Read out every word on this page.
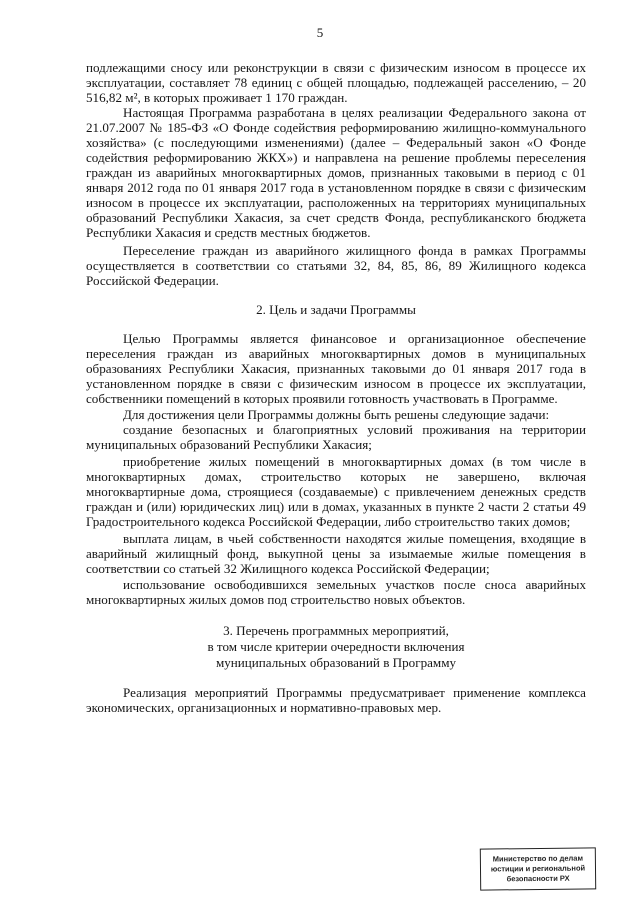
5

подлежащими сносу или реконструкции в связи с физическим износом в процессе их эксплуатации, составляет 78 единиц с общей площадью, подлежащей расселению, – 20 516,82 м², в которых проживает 1 170 граждан.

Настоящая Программа разработана в целях реализации Федерального закона от 21.07.2007 № 185-ФЗ «О Фонде содействия реформированию жилищно-коммунального хозяйства» (с последующими изменениями) (далее – Федеральный закон «О Фонде содействия реформированию ЖКХ») и направлена на решение проблемы переселения граждан из аварийных многоквартирных домов, признанных таковыми в период с 01 января 2012 года по 01 января 2017 года в установленном порядке в связи с физическим износом в процессе их эксплуатации, расположенных на территориях муниципальных образований Республики Хакасия, за счет средств Фонда, республиканского бюджета Республики Хакасия и средств местных бюджетов.

Переселение граждан из аварийного жилищного фонда в рамках Программы осуществляется в соответствии со статьями 32, 84, 85, 86, 89 Жилищного кодекса Российской Федерации.

2. Цель и задачи Программы

Целью Программы является финансовое и организационное обеспечение переселения граждан из аварийных многоквартирных домов в муниципальных образованиях Республики Хакасия, признанных таковыми до 01 января 2017 года в установленном порядке в связи с физическим износом в процессе их эксплуатации, собственники помещений в которых проявили готовность участвовать в Программе.

Для достижения цели Программы должны быть решены следующие задачи:

создание безопасных и благоприятных условий проживания на территории муниципальных образований Республики Хакасия;

приобретение жилых помещений в многоквартирных домах (в том числе в многоквартирных домах, строительство которых не завершено, включая многоквартирные дома, строящиеся (создаваемые) с привлечением денежных средств граждан и (или) юридических лиц) или в домах, указанных в пункте 2 части 2 статьи 49 Градостроительного кодекса Российской Федерации, либо строительство таких домов;

выплата лицам, в чьей собственности находятся жилые помещения, входящие в аварийный жилищный фонд, выкупной цены за изымаемые жилые помещения в соответствии со статьей 32 Жилищного кодекса Российской Федерации;

использование освободившихся земельных участков после сноса аварийных многоквартирных жилых домов под строительство новых объектов.

3. Перечень программных мероприятий,
в том числе критерии очередности включения
муниципальных образований в Программу

Реализация мероприятий Программы предусматривает применение комплекса экономических, организационных и нормативно-правовых мер.

Министерство по делам
юстиции и региональной
безопасности РХ
